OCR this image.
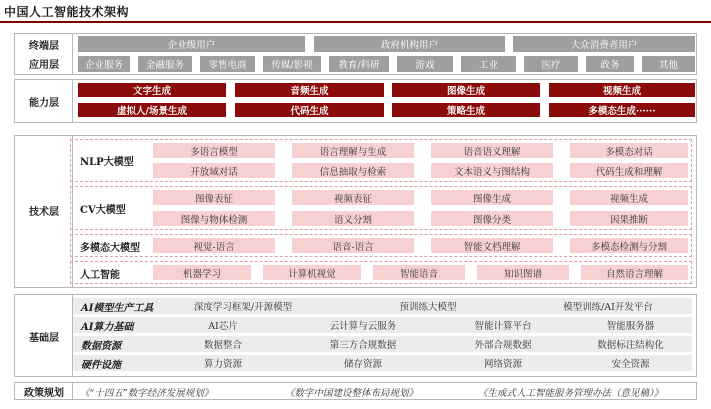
中国人工智能技术架构
终端层
应用层
企业级用户	政府机构用户	大众消费者用户
企业服务	金融服务	零售电商	传媒/影视	教育/科研	游戏	工业	医疗	政务	其他
能力层
文字生成	音频生成	图像生成	视频生成
虚拟人/场景生成	代码生成	策略生成	多模态生成······
技术层
NLP大模型
多语言模型	语言理解与生成	语音语义理解	多模态对话
开放域对话	信息抽取与检索	文本语义与图结构	代码生成和理解
CV大模型
图像表征	视频表征	图像生成	视频生成
图像与物体检测	语义分割	图像分类	因果推断
多模态大模型	视觉-语言	语音-语言	智能文档理解	多模态检测与分割
人工智能	机器学习	计算机视觉	智能语音	知识图谱	自然语言理解
基础层
AI模型生产工具	深度学习框架/开源模型	预训练大模型	模型训练/AI开发平台
AI算力基础	AI芯片	云计算与云服务	智能计算平台	智能服务器
数据资源	数据整合	第三方合规数据	外部合规数据	数据标注结构化
硬件设施	算力资源	储存资源	网络资源	安全资源
政策规划	《“十四五”数字经济发展规划》	《数字中国建设整体布局规划》	《生成式人工智能服务管理办法（意见稿）》
